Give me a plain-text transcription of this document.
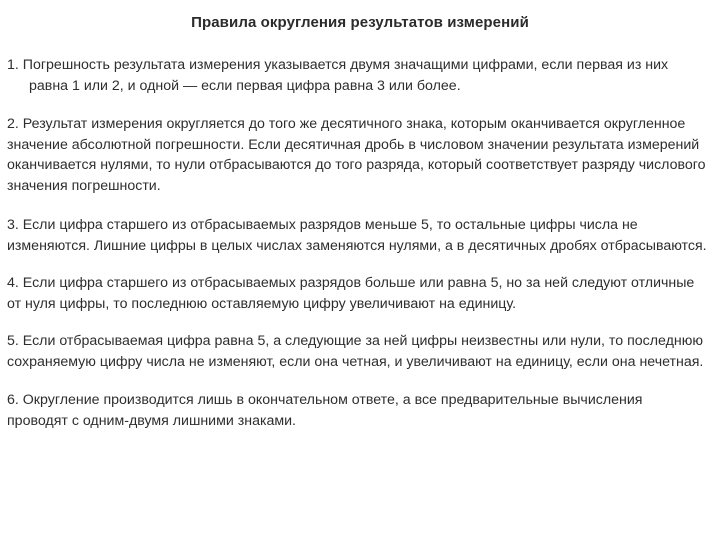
Правила округления результатов измерений

1. Погрешность результата измерения указывается двумя значащими цифрами, если первая из них равна 1 или 2, и одной — если первая цифра равна 3 или более.

2. Результат измерения округляется до того же десятичного знака, которым оканчивается округленное значение абсолютной погрешности. Если десятичная дробь в числовом значении результата измерений оканчивается нулями, то нули отбрасываются до того разряда, который соответствует разряду числового значения погрешности.

3. Если цифра старшего из отбрасываемых разрядов меньше 5, то остальные цифры числа не изменяются. Лишние цифры в целых числах заменяются нулями, а в десятичных дробях отбрасываются.

4. Если цифра старшего из отбрасываемых разрядов больше или равна 5, но за ней следуют отличные от нуля цифры, то последнюю оставляемую цифру увеличивают на единицу.

5. Если отбрасываемая цифра равна 5, а следующие за ней цифры неизвестны или нули, то последнюю сохраняемую цифру числа не изменяют, если она четная, и увеличивают на единицу, если она нечетная.

6. Округление производится лишь в окончательном ответе, а все предварительные вычисления проводят с одним-двумя лишними знаками.
